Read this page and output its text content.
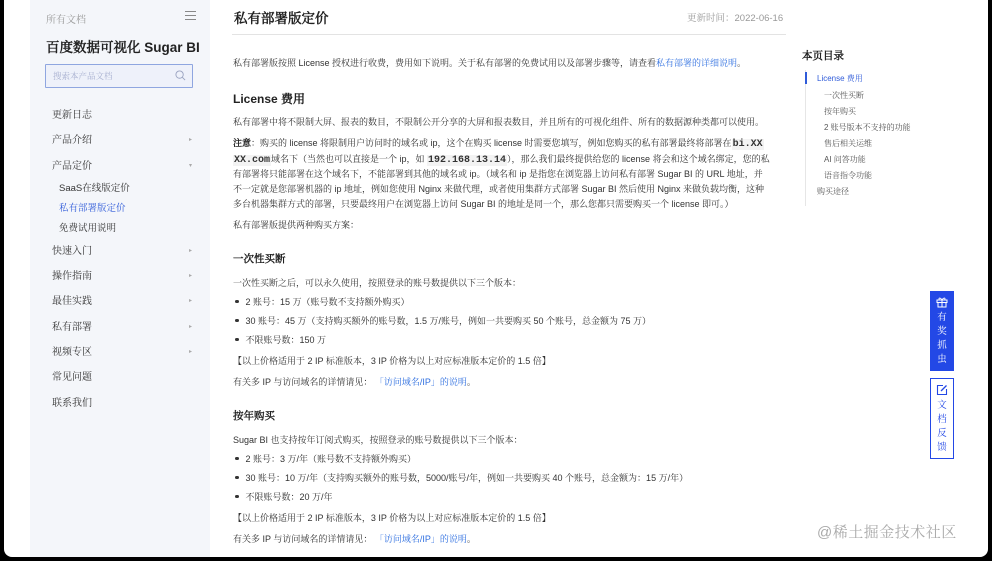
所有文档
百度数据可视化 Sugar BI
搜索本产品文档
更新日志
产品介绍	▸
产品定价	▾
SaaS在线版定价
私有部署版定价
免费试用说明
快速入门	▸
操作指南	▸
最佳实践	▸
私有部署	▸
视频专区	▸
常见问题
联系我们
私有部署版定价	更新时间：2022-06-16
私有部署版按照 License 授权进行收费，费用如下说明。关于私有部署的免费试用以及部署步骤等，请查看私有部署的详细说明。
License 费用
私有部署中将不限制大屏、报表的数目，不限制公开分享的大屏和报表数目，并且所有的可视化组件、所有的数据源种类都可以使用。
注意：购买的 license 将限制用户访问时的域名或 ip，这个在购买 license 时需要您填写，例如您购买的私有部署最终将部署在bi.XX
XX.com域名下（当然也可以直接是一个 ip，如 192.168.13.14），那么我们最终提供给您的 license 将会和这个域名绑定，您的私
有部署将只能部署在这个域名下，不能部署到其他的域名或 ip。（域名和 ip 是指您在浏览器上访问私有部署 Sugar BI 的 URL 地址，并
不一定就是您部署机器的 ip 地址，例如您使用 Nginx 来做代理，或者使用集群方式部署 Sugar BI 然后使用 Nginx 来做负载均衡，这种
多台机器集群方式的部署，只要最终用户在浏览器上访问 Sugar BI 的地址是同一个，那么您都只需要购买一个 license 即可。）
私有部署版提供两种购买方案：
一次性买断
一次性买断之后，可以永久使用，按照登录的账号数提供以下三个版本：
2 账号：15 万（账号数不支持额外购买）
30 账号：45 万（支持购买额外的账号数，1.5 万/账号，例如一共要购买 50 个账号，总金额为 75 万）
不限账号数：150 万
【以上价格适用于 2 IP 标准版本，3 IP 价格为以上对应标准版本定价的 1.5 倍】
有关多 IP 与访问域名的详情请见： 「访问域名/IP」的说明。
按年购买
Sugar BI 也支持按年订阅式购买，按照登录的账号数提供以下三个版本：
2 账号：3 万/年（账号数不支持额外购买）
30 账号：10 万/年（支持购买额外的账号数，5000/账号/年，例如一共要购买 40 个账号，总金额为：15 万/年）
不限账号数：20 万/年
【以上价格适用于 2 IP 标准版本，3 IP 价格为以上对应标准版本定价的 1.5 倍】
有关多 IP 与访问域名的详情请见： 「访问域名/IP」的说明。
本页目录
License 费用
一次性买断
按年购买
2 账号版本不支持的功能
售后相关运维
AI 问答功能
语音指令功能
购买途径
有奖抓虫
文档反馈
@稀土掘金技术社区
